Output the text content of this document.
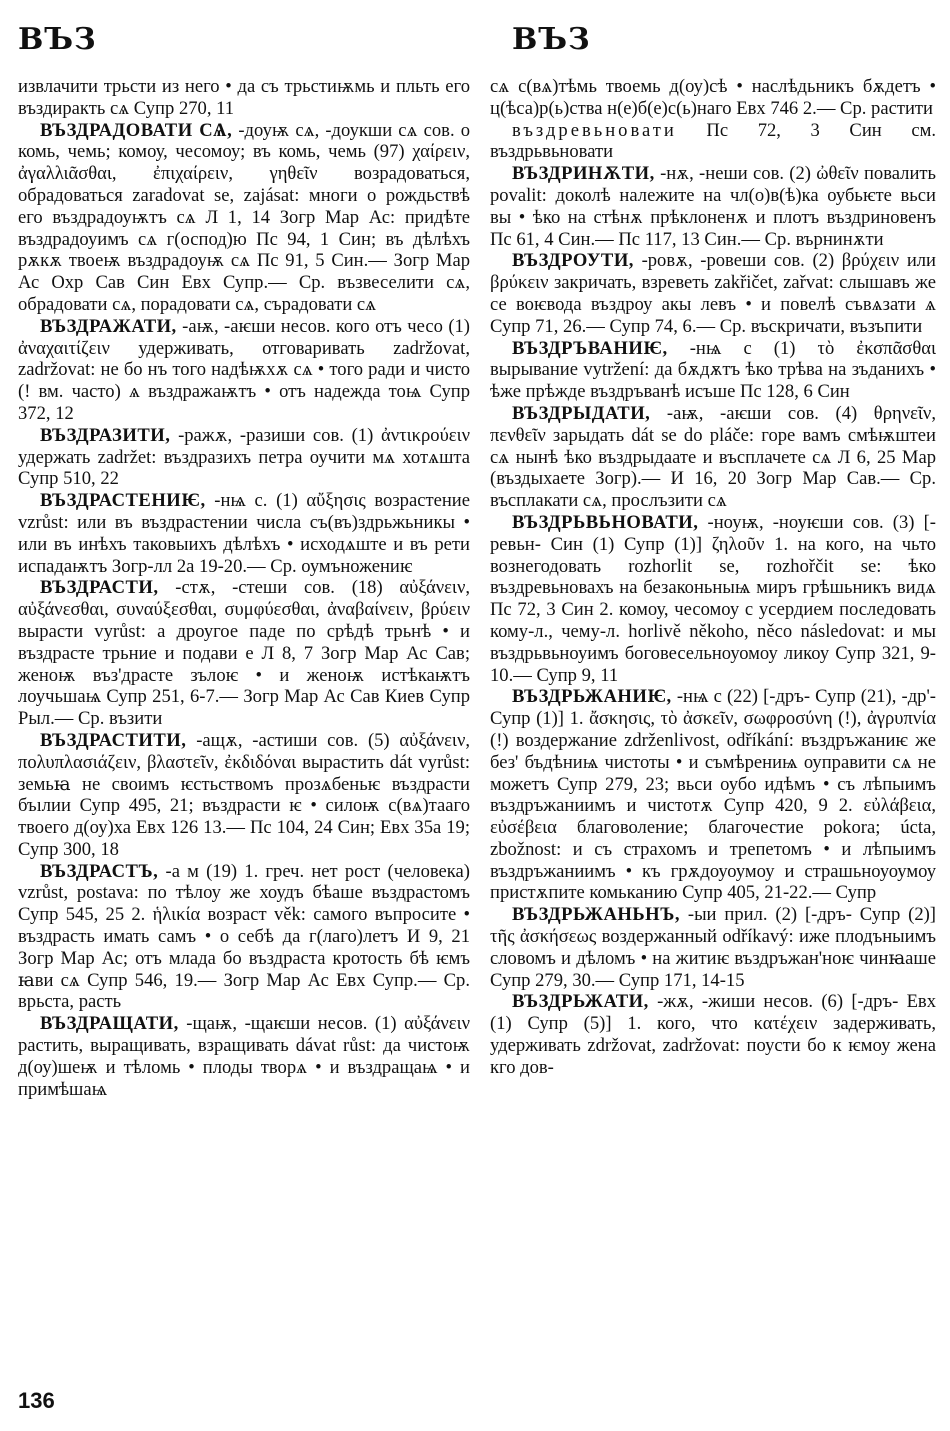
ВЪЗ	ВЪЗ

извлачити трьсти из него • да съ трьстиѭмь и пльть его въздиракть сѧ Супр 270, 11

ВЪЗДРАДОВАТИ СѦ, -доуѭ сѧ, -доукши сѧ сов. о комь, чемь; комоу, чесомоу; въ комь, чемь (97) χαίρειν, ἀγαλλιᾶσθαι, ἐπιχαίρειν, γηθεῖν возрадоваться, обрадоваться zaradovat se, zajásat: многи о рождьствѣ его въздрадоуѭтъ сѧ Л 1, 14 Зогр Мар Ас: придѣте въздрадоуимъ сѧ г(оспод)ю Пс 94, 1 Син; въ дѣлѣхъ рѫкѫ твоеѭ въздрадоуѭ сѧ Пс 91, 5 Син.— Зогр Мар Ас Охр Сав Син Евх Супр.— Ср. възвеселити сѧ, обрадовати сѧ, порадовати сѧ, сърадовати сѧ

ВЪЗДРАЖАТИ, -аѭ, -аѥши несов. кого отъ чесо (1) ἀναχαιτίζειν удерживать, отговаривать zadržovat, zadržovat: не бо нъ того надѣѭхѫ сѧ • того ради и чисто (! вм. часто) ѧ въздражаѭтъ • отъ надежда тоѩ Супр 372, 12

ВЪЗДРАЗИТИ, -ражѫ, -разиши сов. (1) ἀντικρούειν удержать zadržet: въздразихъ петра оучити мѧ хотѧшта Супр 510, 22

ВЪЗДРАСТЕНИѤ, -нѩ с. (1) αὔξησις возрастение vzrůst: или въ въздрастении числа съ(въ)здрьжьникы • или въ инѣхъ таковыихъ дѣлѣхъ • исходѧште и въ рети испадаѭтъ Зогр-лл 2а 19-20.— Ср. оумъножениѥ

ВЪЗДРАСТИ, -стѫ, -стеши сов. (18) αὐξάνειν, αὐξάνεσθαι, συναύξεσθαι, συμφύεσθαι, ἀναβαίνειν, βρύειν вырасти vyrůst: а дроугое паде по срѣдѣ трьнѣ • и въздрасте трьние и подави е Л 8, 7 Зогр Мар Ас Сав; женоѭ въз'драсте зълоѥ • и женоѭ истѣкаѭтъ лоучьшаѩ Супр 251, 6-7.— Зогр Мар Ас Сав Киев Супр Рыл.— Ср. възити

ВЪЗДРАСТИТИ, -ащѫ, -астиши сов. (5) αὐξάνειν, πολυπλασιάζειν, βλαστεῖν, ἐκδιδόναι вырастить dát vyrůst: земьꙗ не своимъ ѥстьствомъ прозѧбеньѥ въздрасти бъıлии Супр 495, 21; въздрасти ѥ • силоѭ с(вѧ)тааго твоего д(оу)ха Евх 126 13.— Пс 104, 24 Син; Евх 35а 19; Супр 300, 18

ВЪЗДРАСТЪ, -а м (19) 1. греч. нет рост (человека) vzrůst, postava: по тѣлоу же хоудъ бѣаше въздрастомъ Супр 545, 25 2. ἡλικία возраст věk: самого въпросите • въздрасть имать самъ • о себѣ да г(лаго)летъ И 9, 21 Зогр Мар Ас; отъ млада бо въздраста кротость бѣ ѥмъ ꙗви сѧ Супр 546, 19.— Зогр Мар Ас Евх Супр.— Ср. врьста, расть

ВЪЗДРАЩАТИ, -щаѭ, -щаѥши несов. (1) αὐξάνειν растить, выращивать, взращивать dávat růst: да чистоѭ д(оу)шеѭ и тѣломь • плоды творѧ • и въздращаѩ • и примѣшаѩ

сѧ с(вѧ)тѣмь твоемь д(оу)сѣ • наслѣдьникъ бѫдетъ • ц(ѣса)р(ь)ства н(е)б(е)с(ь)наго Евх 746 2.— Ср. растити

въздревьновати Пс 72, 3 Син см. въздрьвьновати

ВЪЗДРИНѪТИ, -нѫ, -неши сов. (2) ὠθεῖν повалить povalit: доколѣ належите на чл(о)в(ѣ)ка оубьѥте вьси вы • ѣко на стѣнѫ прѣклоненѫ и плотъ въздриновенъ Пс 61, 4 Син.— Пс 117, 13 Син.— Ср. върнинѫти

ВЪЗДРОУТИ, -ровѫ, -ровеши сов. (2) βρύχειν или βρύκειν закричать, взреветь zakřičet, zařvat: слышавъ же се воѥвода въздроу акы левъ • и повелѣ съвѧзати ѧ Супр 71, 26.— Супр 74, 6.— Ср. въскричати, възъпити

ВЪЗДРЪВАНИѤ, -нѩ с (1) τὸ ἐκσπᾶσθαι вырывание vytržení: да бѫдѫтъ ѣко трѣва на зъданихъ • ѣже прѣжде въздръванѣ исъше Пс 128, 6 Син

ВЪЗДРЫДАТИ, -аѭ, -аѥши сов. (4) θρηνεῖν, πενθεῖν зарыдать dát se do pláče: горе вамъ смѣѭштеи сѧ нынѣ ѣко въздрыдаате и въсплачете сѧ Л 6, 25 Мар (въздыхаете Зогр).— И 16, 20 Зогр Мар Сав.— Ср. въсплакати сѧ, прослъзити сѧ

ВЪЗДРЬВЬНОВАТИ, -ноуѭ, -ноуѥши сов. (3) [-ревьн- Син (1) Супр (1)] ζηλοῦν 1. на кого, на чьто вознегодовать rozhorlit se, rozhořčit se: ѣко въздревьновахъ на безаконьныѩ миръ грѣшьникъ видѧ Пс 72, 3 Син 2. комоу, чесомоу с усердием последовать кому-л., чему-л. horlivě někoho, něco následovat: и мы въздрьвьноуимъ боговесельноуомоу ликоу Супр 321, 9-10.— Супр 9, 11

ВЪЗДРЬЖАНИѤ, -нѩ с (22) [-дръ- Супр (21), -др'- Супр (1)] 1. ἄσκησις, τὸ ἀσκεῖν, σωφροσύνη (!), ἀγρυπνία (!) воздержание zdrženlivost, odříkání: въздръжаниѥ же без' бъдѣниѩ чистоты • и съмѣрениѩ оуправити сѧ не можетъ Супр 279, 23; вьси оубо идѣмъ • съ лѣпыимъ въздръжаниимъ и чистотѫ Супр 420, 9 2. εὐλάβεια, εὐσέβεια благоволение; благочестие pokora; úcta, zbožnost: и съ страхомъ и трепетомъ • и лѣпыимъ въздръжаниимъ • къ грѫдоуоумоу и страшьноуоумоу пристѫпите комьканию Супр 405, 21-22.— Супр

ВЪЗДРЬЖАНЬНЪ, -ыи прил. (2) [-дръ- Супр (2)] τῆς ἀσκήσεως воздержанный odříkavý: иже плодъныимъ словомъ и дѣломъ • на житиѥ въздръжан'ноѥ чинꙗаше Супр 279, 30.— Супр 171, 14-15

ВЪЗДРЬЖАТИ, -жѫ, -жиши несов. (6) [-дръ- Евх (1) Супр (5)] 1. кого, что κατέχειν задерживать, удерживать zdržovat, zadržovat: поусти бо к ѥмоу жена кго дов-

136
